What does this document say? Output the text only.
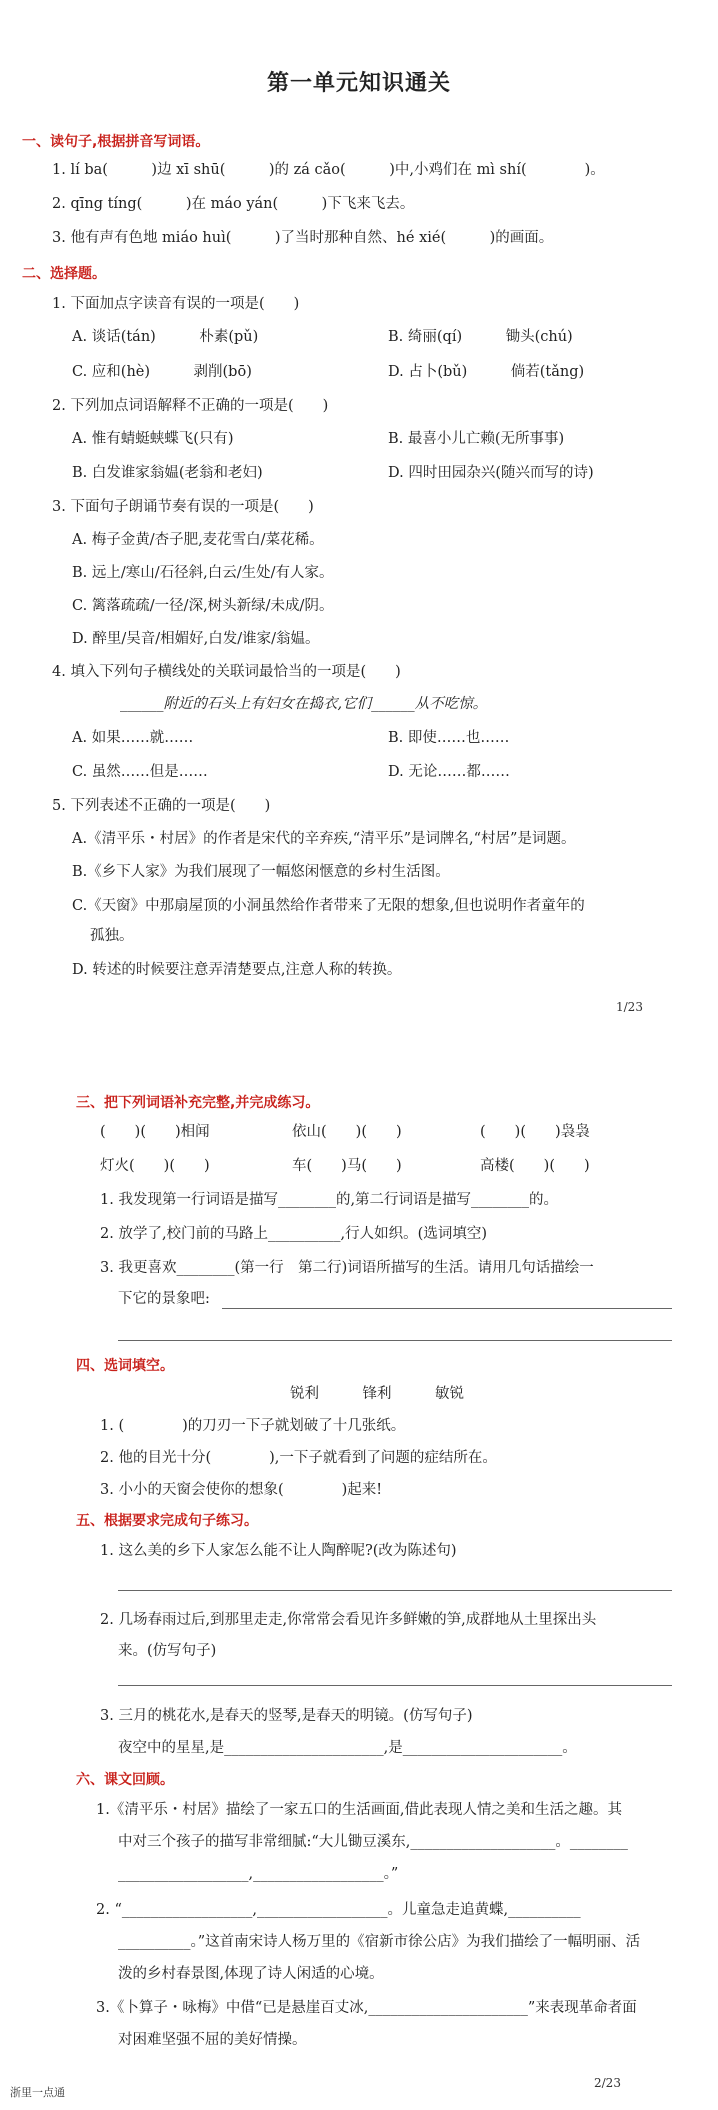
第一单元知识通关
一、读句子,根据拼音写词语。
1. lí ba(　　　)边 xī shū(　　　)的 zá cǎo(　　　)中,小鸡们在 mì shí(　　　　)。
2. qīng tíng(　　　)在 máo yán(　　　)下飞来飞去。
3. 他有声有色地 miáo huì(　　　)了当时那种自然、hé xié(　　　)的画面。
二、选择题。
1. 下面加点字读音有误的一项是(　　)
A. 谈话(tán)　　　朴素(pǔ)	B. 绮丽(qí)　　　锄头(chú)
C. 应和(hè)　　　剥削(bō)	D. 占卜(bǔ)　　　倘若(tǎng)
2. 下列加点词语解释不正确的一项是(　　)
A. 惟有蜻蜓蛱蝶飞(只有)	B. 最喜小儿亡赖(无所事事)
B. 白发谁家翁媪(老翁和老妇)	D. 四时田园杂兴(随兴而写的诗)
3. 下面句子朗诵节奏有误的一项是(　　)
A. 梅子金黄/杏子肥,麦花雪白/菜花稀。
B. 远上/寒山/石径斜,白云/生处/有人家。
C. 篱落疏疏/一径/深,树头新绿/未成/阴。
D. 醉里/吴音/相媚好,白发/谁家/翁媪。
4. 填入下列句子横线处的关联词最恰当的一项是(　　)
______附近的石头上有妇女在捣衣,它们______从不吃惊。
A. 如果……就……	B. 即使……也……
C. 虽然……但是……	D. 无论……都……
5. 下列表述不正确的一项是(　　)
A.《清平乐・村居》的作者是宋代的辛弃疾,“清平乐”是词牌名,“村居”是词题。
B.《乡下人家》为我们展现了一幅悠闲惬意的乡村生活图。
C.《天窗》中那扇屋顶的小洞虽然给作者带来了无限的想象,但也说明作者童年的
孤独。
D. 转述的时候要注意弄清楚要点,注意人称的转换。
1/23
三、把下列词语补充完整,并完成练习。
(　　)(　　)相闻	依山(　　)(　　)	(　　)(　　)袅袅
灯火(　　)(　　)	车(　　)马(　　)	高楼(　　)(　　)
1. 我发现第一行词语是描写________的,第二行词语是描写________的。
2. 放学了,校门前的马路上__________,行人如织。(选词填空)
3. 我更喜欢________(第一行　第二行)词语所描写的生活。请用几句话描绘一
下它的景象吧:
四、选词填空。
锐利　　　锋利　　　敏锐
1. (　　　　)的刀刃一下子就划破了十几张纸。
2. 他的目光十分(　　　　),一下子就看到了问题的症结所在。
3. 小小的天窗会使你的想象(　　　　)起来!
五、根据要求完成句子练习。
1. 这么美的乡下人家怎么能不让人陶醉呢?(改为陈述句)
2. 几场春雨过后,到那里走走,你常常会看见许多鲜嫩的笋,成群地从土里探出头
来。(仿写句子)
3. 三月的桃花水,是春天的竖琴,是春天的明镜。(仿写句子)
夜空中的星星,是______________________,是______________________。
六、课文回顾。
1.《清平乐・村居》描绘了一家五口的生活画面,借此表现人情之美和生活之趣。其
中对三个孩子的描写非常细腻:“大儿锄豆溪东,____________________。________
__________________,__________________。”
2. “__________________,__________________。儿童急走追黄蝶,__________
__________。”这首南宋诗人杨万里的《宿新市徐公店》为我们描绘了一幅明丽、活
泼的乡村春景图,体现了诗人闲适的心境。
3.《卜算子・咏梅》中借“已是悬崖百丈冰,______________________”来表现革命者面
对困难坚强不屈的美好情操。
浙里一点通
2/23
